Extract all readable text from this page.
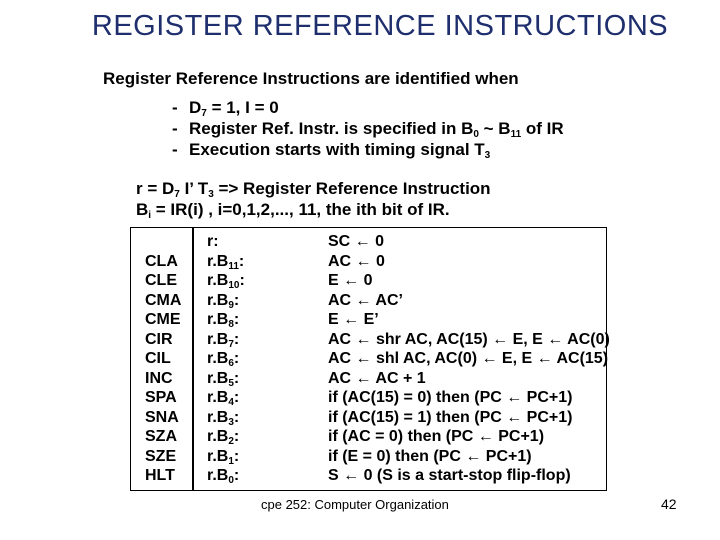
REGISTER REFERENCE INSTRUCTIONS
Register Reference Instructions are identified when
- $D_7 = 1$, I = 0
- Register Ref. Instr. is specified in $B_0$ ~ $B_{11}$ of IR
- Execution starts with timing signal $T_3$
$r = D_7$ I’ $T_3$ => Register Reference Instruction
$B_i = IR(i)$ , i=0,1,2,..., 11, the ith bit of IR.
CLA
CLE
CMA
CME
CIR
CIL
INC
SPA
SNA
SZA
SZE
HLT
r:
$r.B_{11}$:
$r.B_{10}$:
$r.B_9$:
$r.B_8$:
$r.B_7$:
$r.B_6$:
$r.B_5$:
$r.B_4$:
$r.B_3$:
$r.B_2$:
$r.B_1$:
$r.B_0$:
SC ← 0
AC ← 0
E ← 0
AC ← AC’
E ← E’
AC ← shr AC, AC(15) ← E, E ← AC(0)
AC ← shl AC, AC(0) ← E, E ← AC(15)
AC ← AC + 1
if (AC(15) = 0) then (PC ← PC+1)
if (AC(15) = 1) then (PC ← PC+1)
if (AC = 0) then (PC ← PC+1)
if (E = 0) then (PC ← PC+1)
S ← 0 (S is a start-stop flip-flop)
cpe 252: Computer Organization	42
